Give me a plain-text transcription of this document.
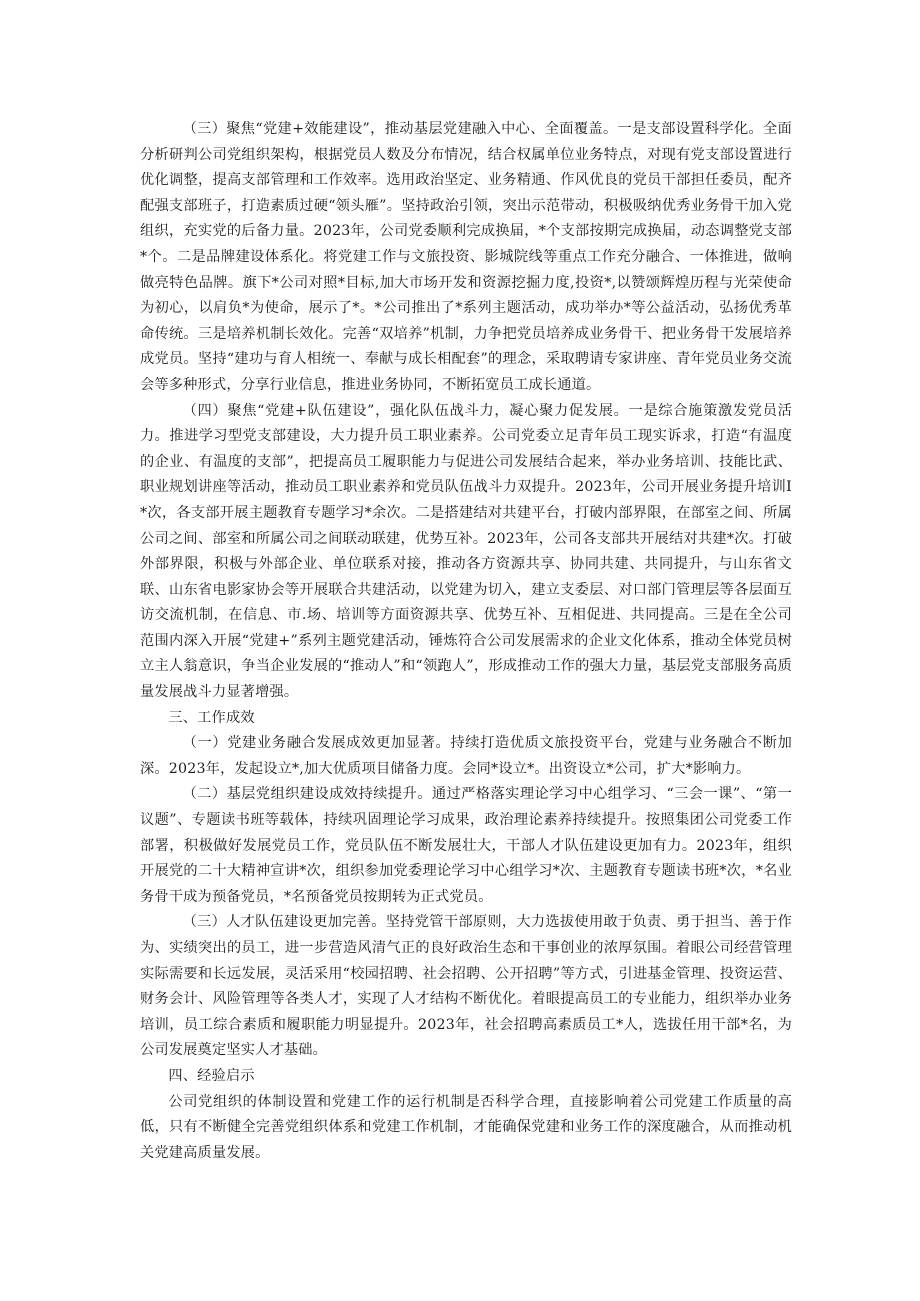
（三）聚焦“党建+效能建设”，推动基层党建融入中心、全面覆盖。一是支部设置科学化。全面分析研判公司党组织架构，根据党员人数及分布情况，结合权属单位业务特点，对现有党支部设置进行优化调整，提高支部管理和工作效率。选用政治坚定、业务精通、作风优良的党员干部担任委员，配齐配强支部班子，打造素质过硬“领头雁”。坚持政治引领，突出示范带动，积极吸纳优秀业务骨干加入党组织，充实党的后备力量。2023年，公司党委顺利完成换届，*个支部按期完成换届，动态调整党支部*个。二是品牌建设体系化。将党建工作与文旅投资、影城院线等重点工作充分融合、一体推进，做响做亮特色品牌。旗下*公司对照*目标,加大市场开发和资源挖掘力度,投资*,以赞颂辉煌历程与光荣使命为初心，以肩负*为使命，展示了*。*公司推出了*系列主题活动，成功举办*等公益活动，弘扬优秀革命传统。三是培养机制长效化。完善“双培养”机制，力争把党员培养成业务骨干、把业务骨干发展培养成党员。坚持“建功与育人相统一、奉献与成长相配套”的理念，采取聘请专家讲座、青年党员业务交流会等多种形式，分享行业信息，推进业务协同，不断拓宽员工成长通道。

（四）聚焦“党建+队伍建设”，强化队伍战斗力，凝心聚力促发展。一是综合施策激发党员活力。推进学习型党支部建设，大力提升员工职业素养。公司党委立足青年员工现实诉求，打造“有温度的企业、有温度的支部”，把提高员工履职能力与促进公司发展结合起来，举办业务培训、技能比武、职业规划讲座等活动，推动员工职业素养和党员队伍战斗力双提升。2023年，公司开展业务提升培训I*次，各支部开展主题教育专题学习*余次。二是搭建结对共建平台，打破内部界限，在部室之间、所属公司之间、部室和所属公司之间联动联建，优势互补。2023年，公司各支部共开展结对共建*次。打破外部界限，积极与外部企业、单位联系对接，推动各方资源共享、协同共建、共同提升，与山东省文联、山东省电影家协会等开展联合共建活动，以党建为切入，建立支委层、对口部门管理层等各层面互访交流机制，在信息、市.场、培训等方面资源共享、优势互补、互相促进、共同提高。三是在全公司范围内深入开展“党建+”系列主题党建活动，锤炼符合公司发展需求的企业文化体系，推动全体党员树立主人翁意识，争当企业发展的“推动人”和“领跑人”，形成推动工作的强大力量，基层党支部服务高质量发展战斗力显著增强。

三、工作成效

（一）党建业务融合发展成效更加显著。持续打造优质文旅投资平台，党建与业务融合不断加深。2023年，发起设立*,加大优质项目储备力度。会同*设立*。出资设立*公司，扩大*影响力。

（二）基层党组织建设成效持续提升。通过严格落实理论学习中心组学习、“三会一课”、“第一议题”、专题读书班等载体，持续巩固理论学习成果，政治理论素养持续提升。按照集团公司党委工作部署，积极做好发展党员工作，党员队伍不断发展壮大，干部人才队伍建设更加有力。2023年，组织开展党的二十大精神宣讲*次，组织参加党委理论学习中心组学习*次、主题教育专题读书班*次，*名业务骨干成为预备党员，*名预备党员按期转为正式党员。

（三）人才队伍建设更加完善。坚持党管干部原则，大力选拔使用敢于负责、勇于担当、善于作为、实绩突出的员工，进一步营造风清气正的良好政治生态和干事创业的浓厚氛围。着眼公司经营管理实际需要和长远发展，灵活采用“校园招聘、社会招聘、公开招聘”等方式，引进基金管理、投资运营、财务会计、风险管理等各类人才，实现了人才结构不断优化。着眼提高员工的专业能力，组织举办业务培训，员工综合素质和履职能力明显提升。2023年，社会招聘高素质员工*人，选拔任用干部*名，为公司发展奠定坚实人才基础。

四、经验启示

公司党组织的体制设置和党建工作的运行机制是否科学合理，直接影响着公司党建工作质量的高低，只有不断健全完善党组织体系和党建工作机制，才能确保党建和业务工作的深度融合，从而推动机关党建高质量发展。
